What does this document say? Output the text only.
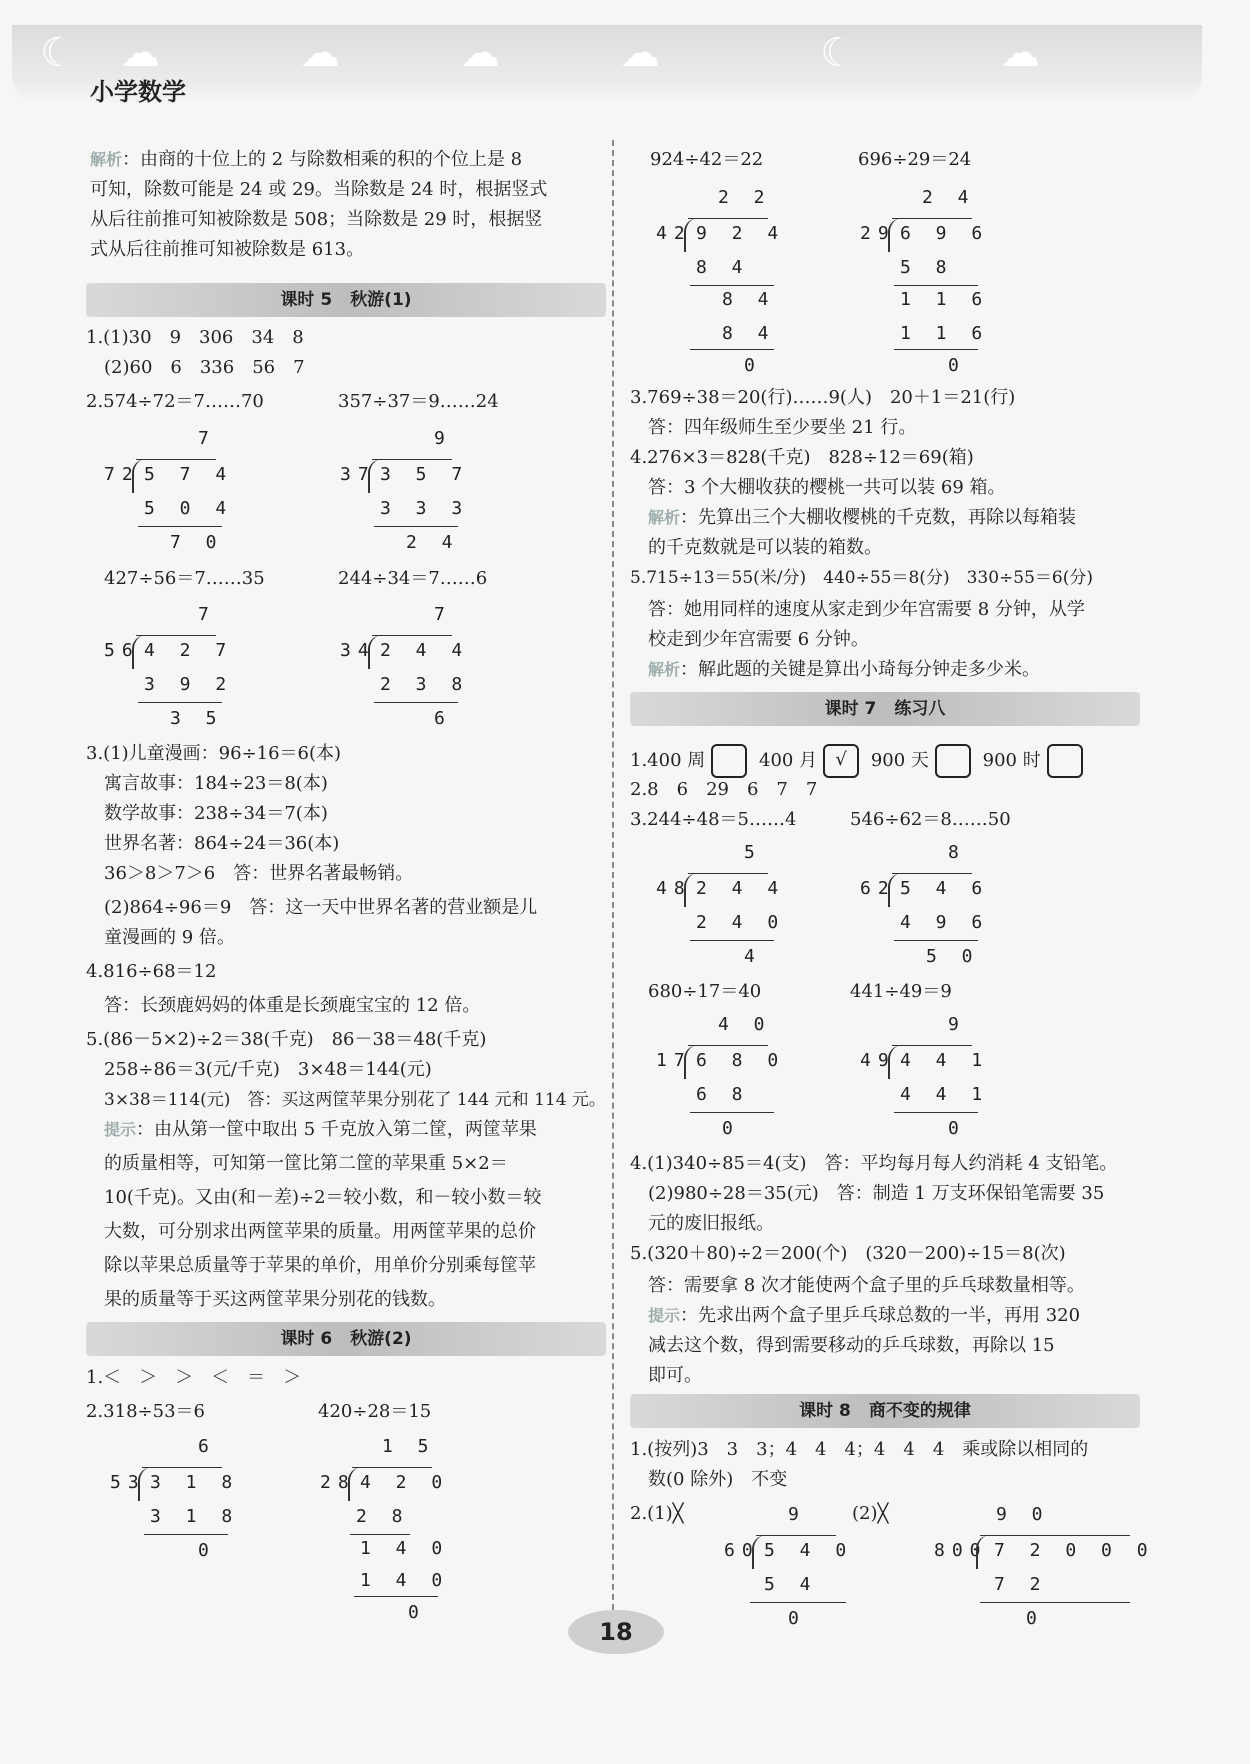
☾ ☁	☁	☁	☁	☾	☁
小学数学
解析：由商的十位上的 2 与除数相乘的积的个位上是 8
可知，除数可能是 24 或 29。当除数是 24 时，根据竖式
从后往前推可知被除数是 508；当除数是 29 时，根据竖
式从后往前推可知被除数是 613。
课时 5 秋游(1)
1.(1)30　9　306　34　8
(2)60　6　336　56　7
2.574÷72＝7……70	357÷37＝9……24
7
72 5 7 4
5 0 4
7 0
9
37 3 5 7
3 3 3
2 4
427÷56＝7……35	244÷34＝7……6
7
56 4 2 7
3 9 2
3 5
7
34 2 4 4
2 3 8
6
3.(1)儿童漫画：96÷16＝6(本)
寓言故事：184÷23＝8(本)
数学故事：238÷34＝7(本)
世界名著：864÷24＝36(本)
36＞8＞7＞6　答：世界名著最畅销。
(2)864÷96＝9　答：这一天中世界名著的营业额是儿
童漫画的 9 倍。
4.816÷68＝12
答：长颈鹿妈妈的体重是长颈鹿宝宝的 12 倍。
5.(86－5×2)÷2＝38(千克)　86－38＝48(千克)
258÷86＝3(元/千克)　3×48＝144(元)
3×38＝114(元)　答：买这两筐苹果分别花了 144 元和 114 元。
提示：由从第一筐中取出 5 千克放入第二筐，两筐苹果
的质量相等，可知第一筐比第二筐的苹果重 5×2＝
10(千克)。又由(和－差)÷2＝较小数，和－较小数＝较
大数，可分别求出两筐苹果的质量。用两筐苹果的总价
除以苹果总质量等于苹果的单价，用单价分别乘每筐苹
果的质量等于买这两筐苹果分别花的钱数。
课时 6 秋游(2)
1.＜　＞　＞　＜　＝　＞
2.318÷53＝6	420÷28＝15
6
53 3 1 8
3 1 8
0
1 5
28 4 2 0
2 8
1 4 0
1 4 0
0
924÷42＝22	696÷29＝24
2 2
42 9 2 4
8 4
8 4
8 4
0
2 4
29 6 9 6
5 8
1 1 6
1 1 6
0
3.769÷38＝20(行)……9(人)　20＋1＝21(行)
答：四年级师生至少要坐 21 行。
4.276×3＝828(千克)　828÷12＝69(箱)
答：3 个大棚收获的樱桃一共可以装 69 箱。
解析：先算出三个大棚收樱桃的千克数，再除以每箱装
的千克数就是可以装的箱数。
5.715÷13＝55(米/分)　440÷55＝8(分)　330÷55＝6(分)
答：她用同样的速度从家走到少年宫需要 8 分钟，从学
校走到少年宫需要 6 分钟。
解析：解此题的关键是算出小琦每分钟走多少米。
课时 7 练习八
1.400 周	400 月 √ 900 天	900 时
2.8　6　29　6　7　7
3.244÷48＝5……4	546÷62＝8……50
5
48 2 4 4
2 4 0
4
8
62 5 4 6
4 9 6
5 0
680÷17＝40	441÷49＝9
4 0
17 6 8 0
6 8
0
9
49 4 4 1
4 4 1
0
4.(1)340÷85＝4(支)　答：平均每月每人约消耗 4 支铅笔。
(2)980÷28＝35(元)　答：制造 1 万支环保铅笔需要 35
元的废旧报纸。
5.(320＋80)÷2＝200(个)　(320－200)÷15＝8(次)
答：需要拿 8 次才能使两个盒子里的乒乓球数量相等。
提示：先求出两个盒子里乒乓球总数的一半，再用 320
减去这个数，得到需要移动的乒乓球数，再除以 15
即可。
课时 8 商不变的规律
1.(按列)3　3　3；4　4　4；4　4　4　乘或除以相同的
数(0 除外)　不变
2.(1)╳	(2)╳
9
60 5 4 0
5 4
0
9 0
800 7 2 0 0 0
7 2
0
18
